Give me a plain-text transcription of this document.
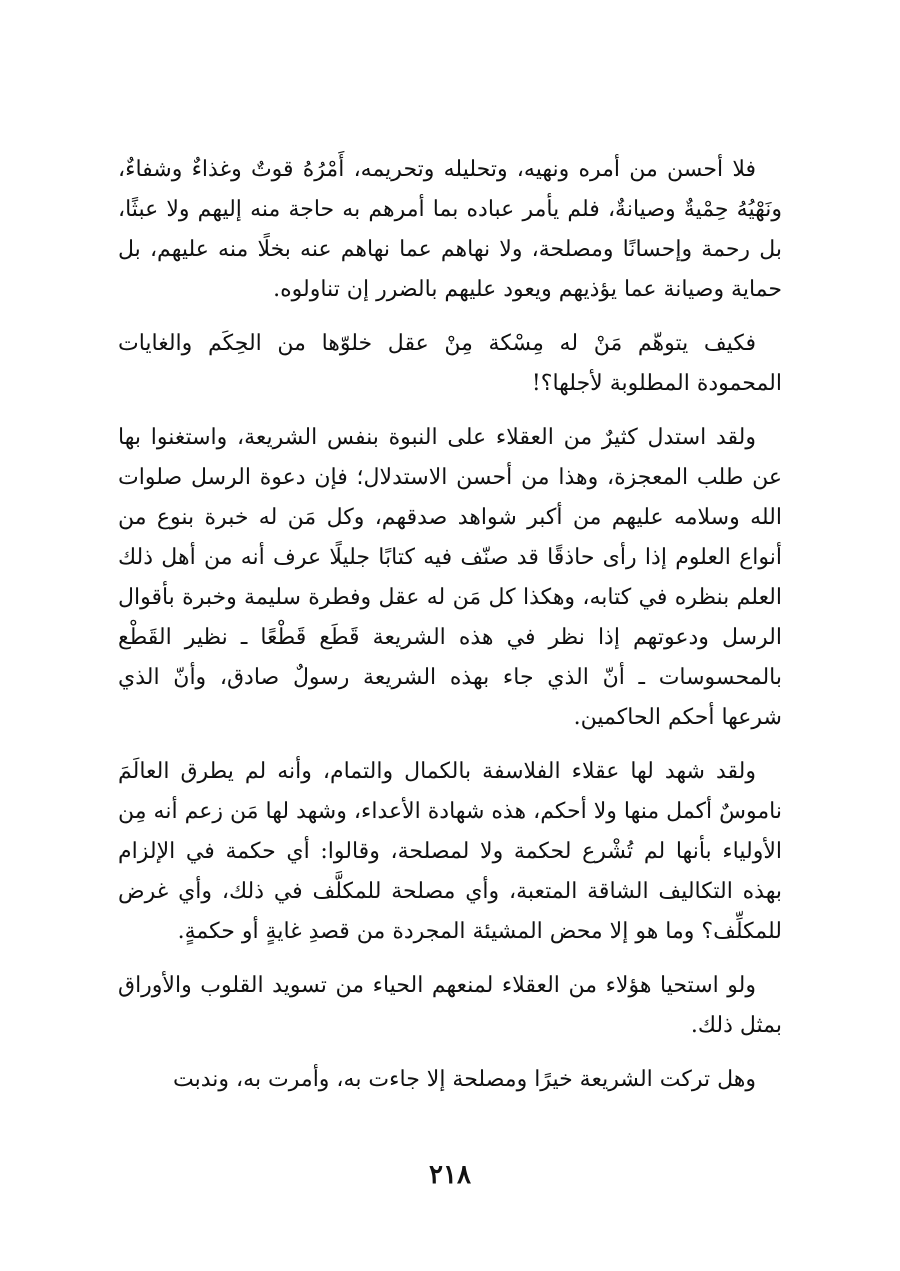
فلا أحسن من أمره ونهيه، وتحليله وتحريمه، أَمْرُهُ قوتٌ وغذاءٌ وشفاءٌ، ونَهْيُهُ حِمْيةٌ وصيانةٌ، فلم يأمر عباده بما أمرهم به حاجة منه إليهم ولا عبثًا، بل رحمة وإحسانًا ومصلحة، ولا نهاهم عما نهاهم عنه بخلًا منه عليهم، بل حماية وصيانة عما يؤذيهم ويعود عليهم بالضرر إن تناولوه.

فكيف يتوهّم مَنْ له مِسْكة مِنْ عقل خلوّها من الحِكَم والغايات المحمودة المطلوبة لأجلها؟!

ولقد استدل كثيرٌ من العقلاء على النبوة بنفس الشريعة، واستغنوا بها عن طلب المعجزة، وهذا من أحسن الاستدلال؛ فإن دعوة الرسل صلوات الله وسلامه عليهم من أكبر شواهد صدقهم، وكل مَن له خبرة بنوع من أنواع العلوم إذا رأى حاذقًا قد صنّف فيه كتابًا جليلًا عرف أنه من أهل ذلك العلم بنظره في كتابه، وهكذا كل مَن له عقل وفطرة سليمة وخبرة بأقوال الرسل ودعوتهم إذا نظر في هذه الشريعة قَطَع قَطْعًا ـ نظير القَطْع بالمحسوسات ـ أنّ الذي جاء بهذه الشريعة رسولٌ صادق، وأنّ الذي شرعها أحكم الحاكمين.

ولقد شهد لها عقلاء الفلاسفة بالكمال والتمام، وأنه لم يطرق العالَمَ ناموسٌ أكمل منها ولا أحكم، هذه شهادة الأعداء، وشهد لها مَن زعم أنه مِن الأولياء بأنها لم تُشْرع لحكمة ولا لمصلحة، وقالوا: أي حكمة في الإلزام بهذه التكاليف الشاقة المتعبة، وأي مصلحة للمكلَّف في ذلك، وأي غرض للمكلِّف؟ وما هو إلا محض المشيئة المجردة من قصدِ غايةٍ أو حكمةٍ.

ولو استحيا هؤلاء من العقلاء لمنعهم الحياء من تسويد القلوب والأوراق بمثل ذلك.

وهل تركت الشريعة خيرًا ومصلحة إلا جاءت به، وأمرت به، وندبت

٢١٨
